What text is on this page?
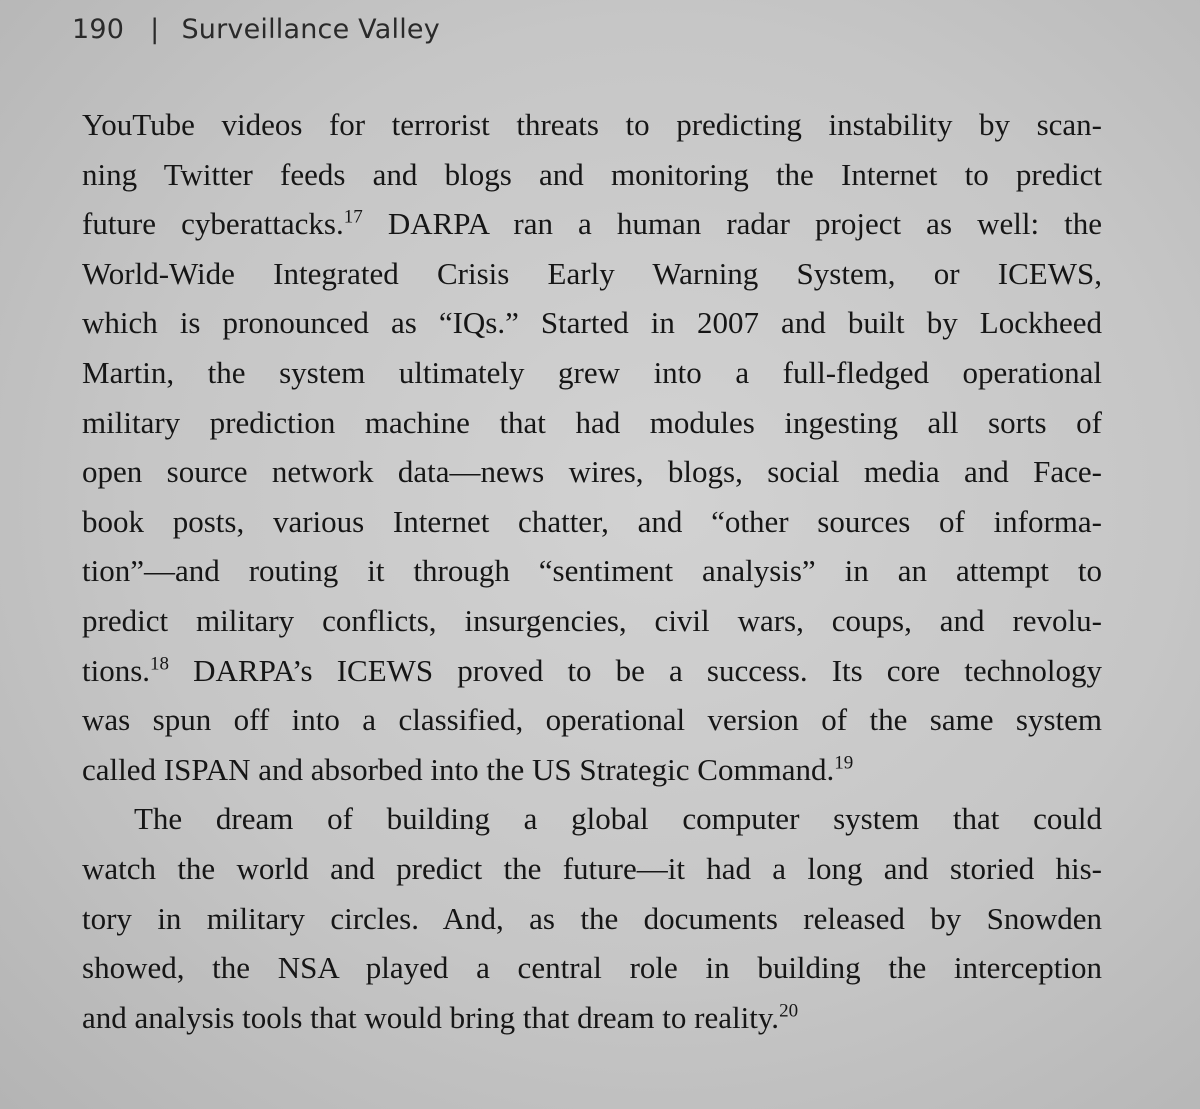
190 | Surveillance Valley
YouTube videos for terrorist threats to predicting instability by scan-
ning Twitter feeds and blogs and monitoring the Internet to predict
future cyberattacks.$^{17}$ DARPA ran a human radar project as well: the
World-Wide Integrated Crisis Early Warning System, or ICEWS,
which is pronounced as “IQs.” Started in 2007 and built by Lockheed
Martin, the system ultimately grew into a full-fledged operational
military prediction machine that had modules ingesting all sorts of
open source network data—news wires, blogs, social media and Face-
book posts, various Internet chatter, and “other sources of informa-
tion”—and routing it through “sentiment analysis” in an attempt to
predict military conflicts, insurgencies, civil wars, coups, and revolu-
tions.$^{18}$ DARPA’s ICEWS proved to be a success. Its core technology
was spun off into a classified, operational version of the same system
called ISPAN and absorbed into the US Strategic Command.$^{19}$
The dream of building a global computer system that could
watch the world and predict the future—it had a long and storied his-
tory in military circles. And, as the documents released by Snowden
showed, the NSA played a central role in building the interception
and analysis tools that would bring that dream to reality.$^{20}$
